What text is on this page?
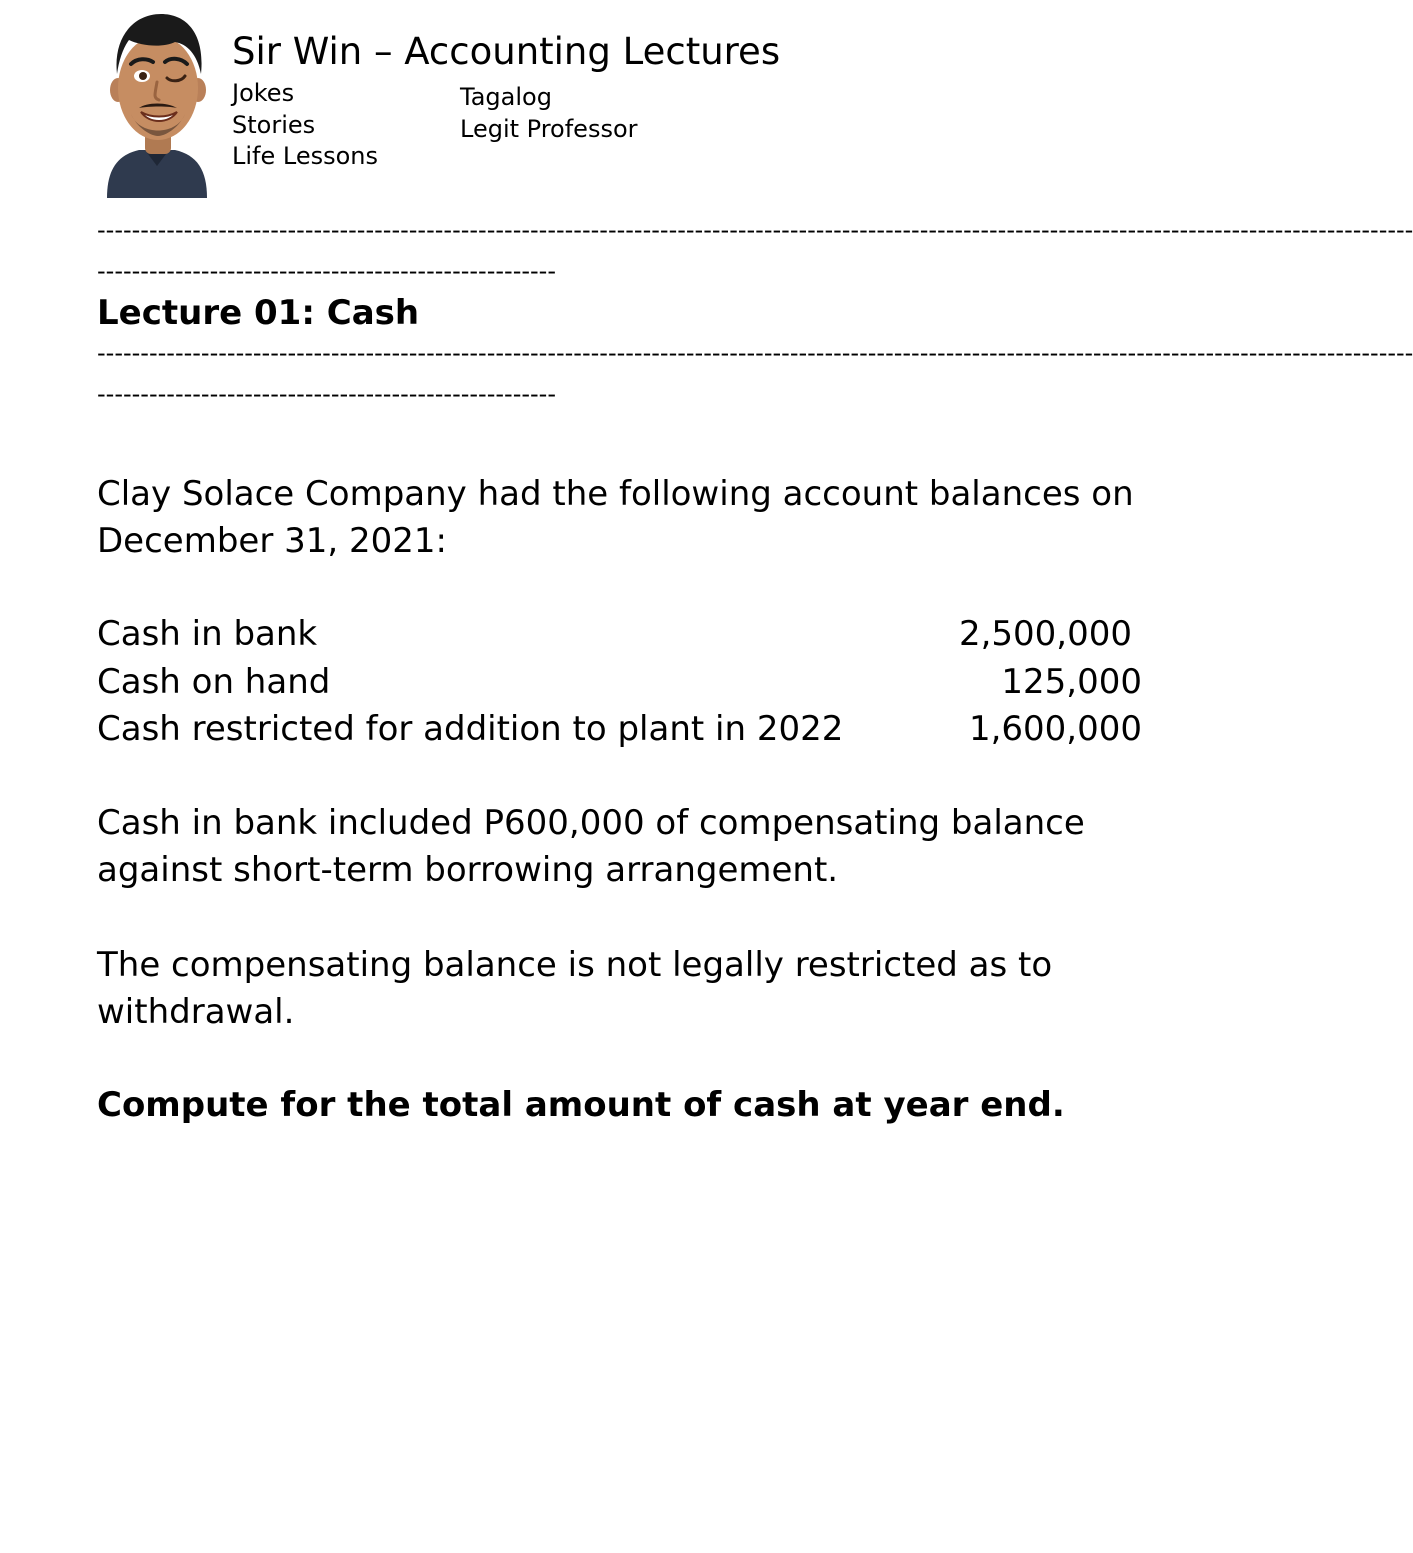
Sir Win – Accounting Lectures
Jokes
Stories
Life Lessons
Tagalog
Legit Professor
--------------------------------------------------------------------------------------------------------------------------------------------------------
-----------------------------------------------------
Lecture 01: Cash
--------------------------------------------------------------------------------------------------------------------------------------------------------
-----------------------------------------------------

Clay Solace Company had the following account balances on December 31, 2021:

Cash in bank	2,500,000
Cash on hand	125,000
Cash restricted for addition to plant in 2022	1,600,000

Cash in bank included P600,000 of compensating balance against short-term borrowing arrangement.

The compensating balance is not legally restricted as to withdrawal.

Compute for the total amount of cash at year end.
